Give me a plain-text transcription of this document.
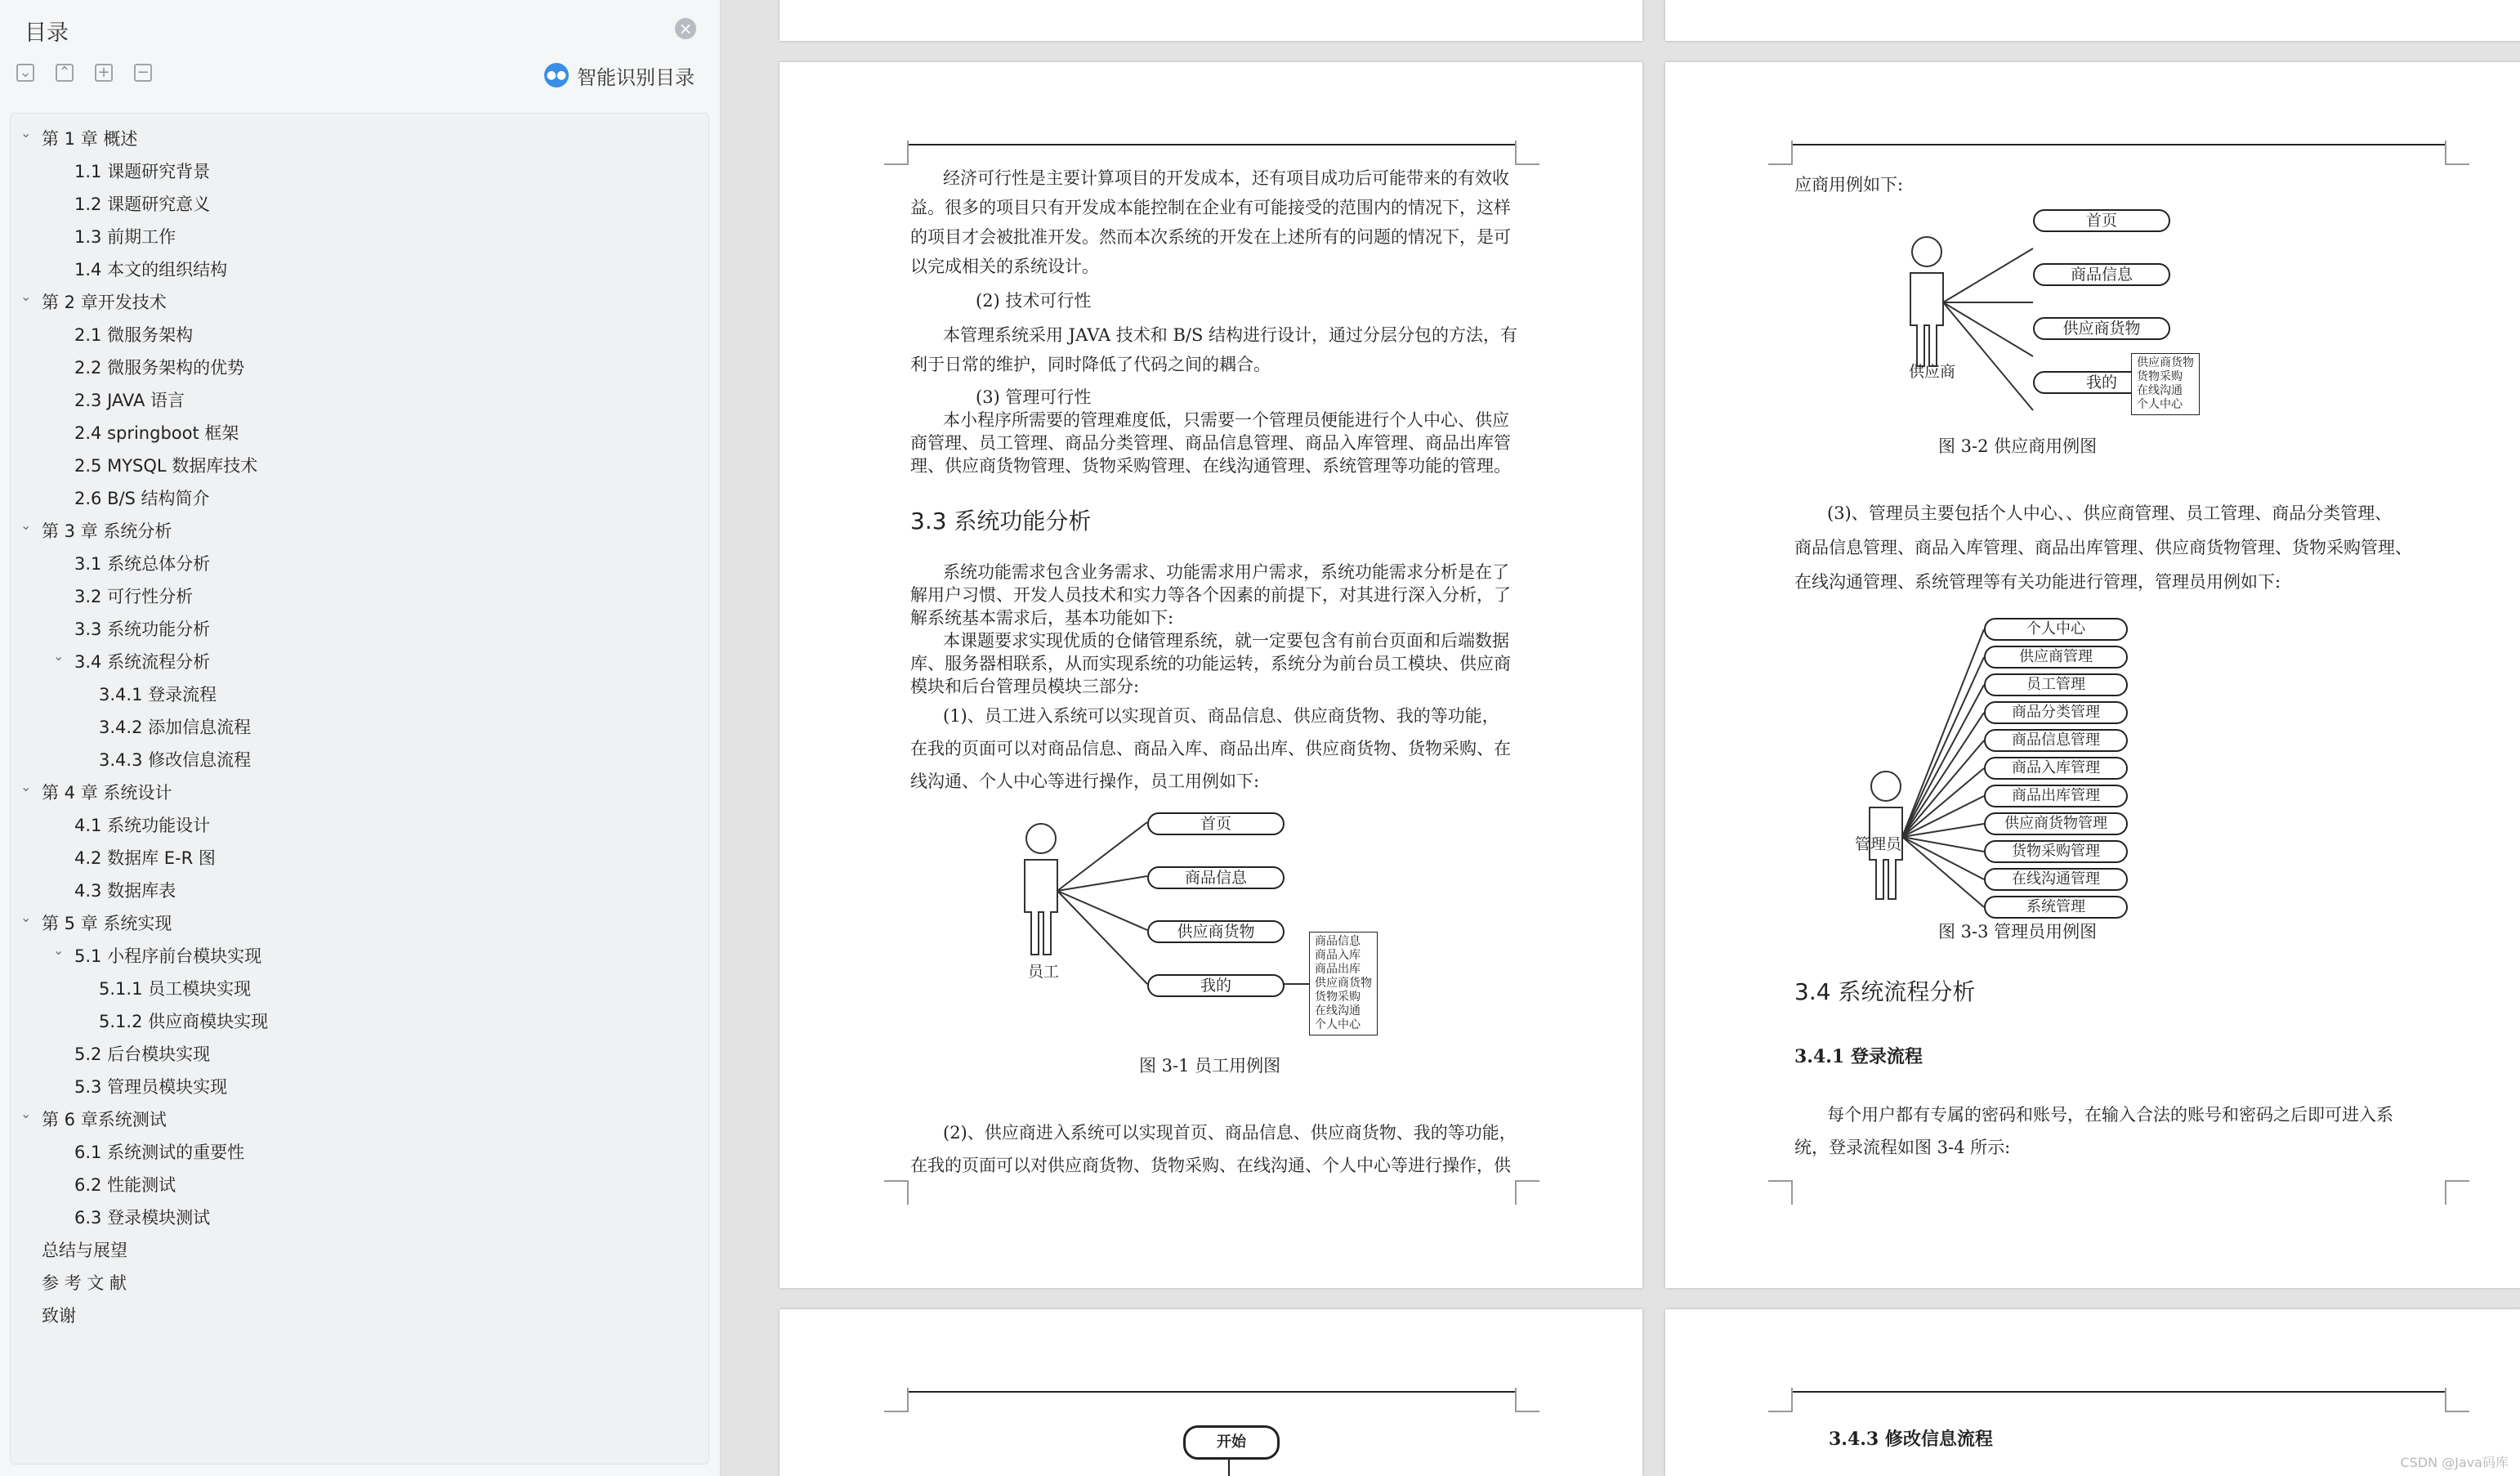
目录	×
⌄ ⌃ + −	●● 智能识别目录
⌄ 第 1 章 概述
1.1 课题研究背景
1.2 课题研究意义
1.3 前期工作
1.4 本文的组织结构
⌄ 第 2 章开发技术
2.1 微服务架构
2.2 微服务架构的优势
2.3 JAVA 语言
2.4 springboot 框架
2.5 MYSQL 数据库技术
2.6 B/S 结构简介
⌄ 第 3 章 系统分析
3.1 系统总体分析
3.2 可行性分析
3.3 系统功能分析
⌄ 3.4 系统流程分析
3.4.1 登录流程
3.4.2 添加信息流程
3.4.3 修改信息流程
⌄ 第 4 章 系统设计
4.1 系统功能设计
4.2 数据库 E-R 图
4.3 数据库表
⌄ 第 5 章 系统实现
⌄ 5.1 小程序前台模块实现
5.1.1 员工模块实现
5.1.2 供应商模块实现
5.2 后台模块实现
5.3 管理员模块实现
⌄ 第 6 章系统测试
6.1 系统测试的重要性
6.2 性能测试
6.3 登录模块测试
总结与展望
参 考 文 献
致谢
经济可行性是主要计算项目的开发成本，还有项目成功后可能带来的有效收
益。很多的项目只有开发成本能控制在企业有可能接受的范围内的情况下，这样
的项目才会被批准开发。然而本次系统的开发在上述所有的问题的情况下，是可
以完成相关的系统设计。
(2) 技术可行性
本管理系统采用 JAVA 技术和 B/S 结构进行设计，通过分层分包的方法，有
利于日常的维护，同时降低了代码之间的耦合。
(3) 管理可行性
本小程序所需要的管理难度低，只需要一个管理员便能进行个人中心、供应
商管理、员工管理、商品分类管理、商品信息管理、商品入库管理、商品出库管
理、供应商货物管理、货物采购管理、在线沟通管理、系统管理等功能的管理。
3.3 系统功能分析
系统功能需求包含业务需求、功能需求用户需求，系统功能需求分析是在了
解用户习惯、开发人员技术和实力等各个因素的前提下，对其进行深入分析，了
解系统基本需求后，基本功能如下:
本课题要求实现优质的仓储管理系统，就一定要包含有前台页面和后端数据
库、服务器相联系，从而实现系统的功能运转，系统分为前台员工模块、供应商
模块和后台管理员模块三部分:
(1)、员工进入系统可以实现首页、商品信息、供应商货物、我的等功能，
在我的页面可以对商品信息、商品入库、商品出库、供应商货物、货物采购、在
线沟通、个人中心等进行操作，员工用例如下:
员工
首页
商品信息
供应商货物
我的
商品信息
商品入库
商品出库
供应商货物
货物采购
在线沟通
个人中心
图 3-1 员工用例图
(2)、供应商进入系统可以实现首页、商品信息、供应商货物、我的等功能，
在我的页面可以对供应商货物、货物采购、在线沟通、个人中心等进行操作，供
应商用例如下:
供应商
首页
商品信息
供应商货物
我的
供应商货物
货物采购
在线沟通
个人中心
图 3-2 供应商用例图
(3)、管理员主要包括个人中心、、供应商管理、员工管理、商品分类管理、
商品信息管理、商品入库管理、商品出库管理、供应商货物管理、货物采购管理、
在线沟通管理、系统管理等有关功能进行管理，管理员用例如下:
管理员
个人中心
供应商管理
员工管理
商品分类管理
商品信息管理
商品入库管理
商品出库管理
供应商货物管理
货物采购管理
在线沟通管理
系统管理
图 3-3 管理员用例图
3.4 系统流程分析
3.4.1 登录流程
每个用户都有专属的密码和账号，在输入合法的账号和密码之后即可进入系
统，登录流程如图 3-4 所示:
开始	3.4.3 修改信息流程
CSDN @Java码库
